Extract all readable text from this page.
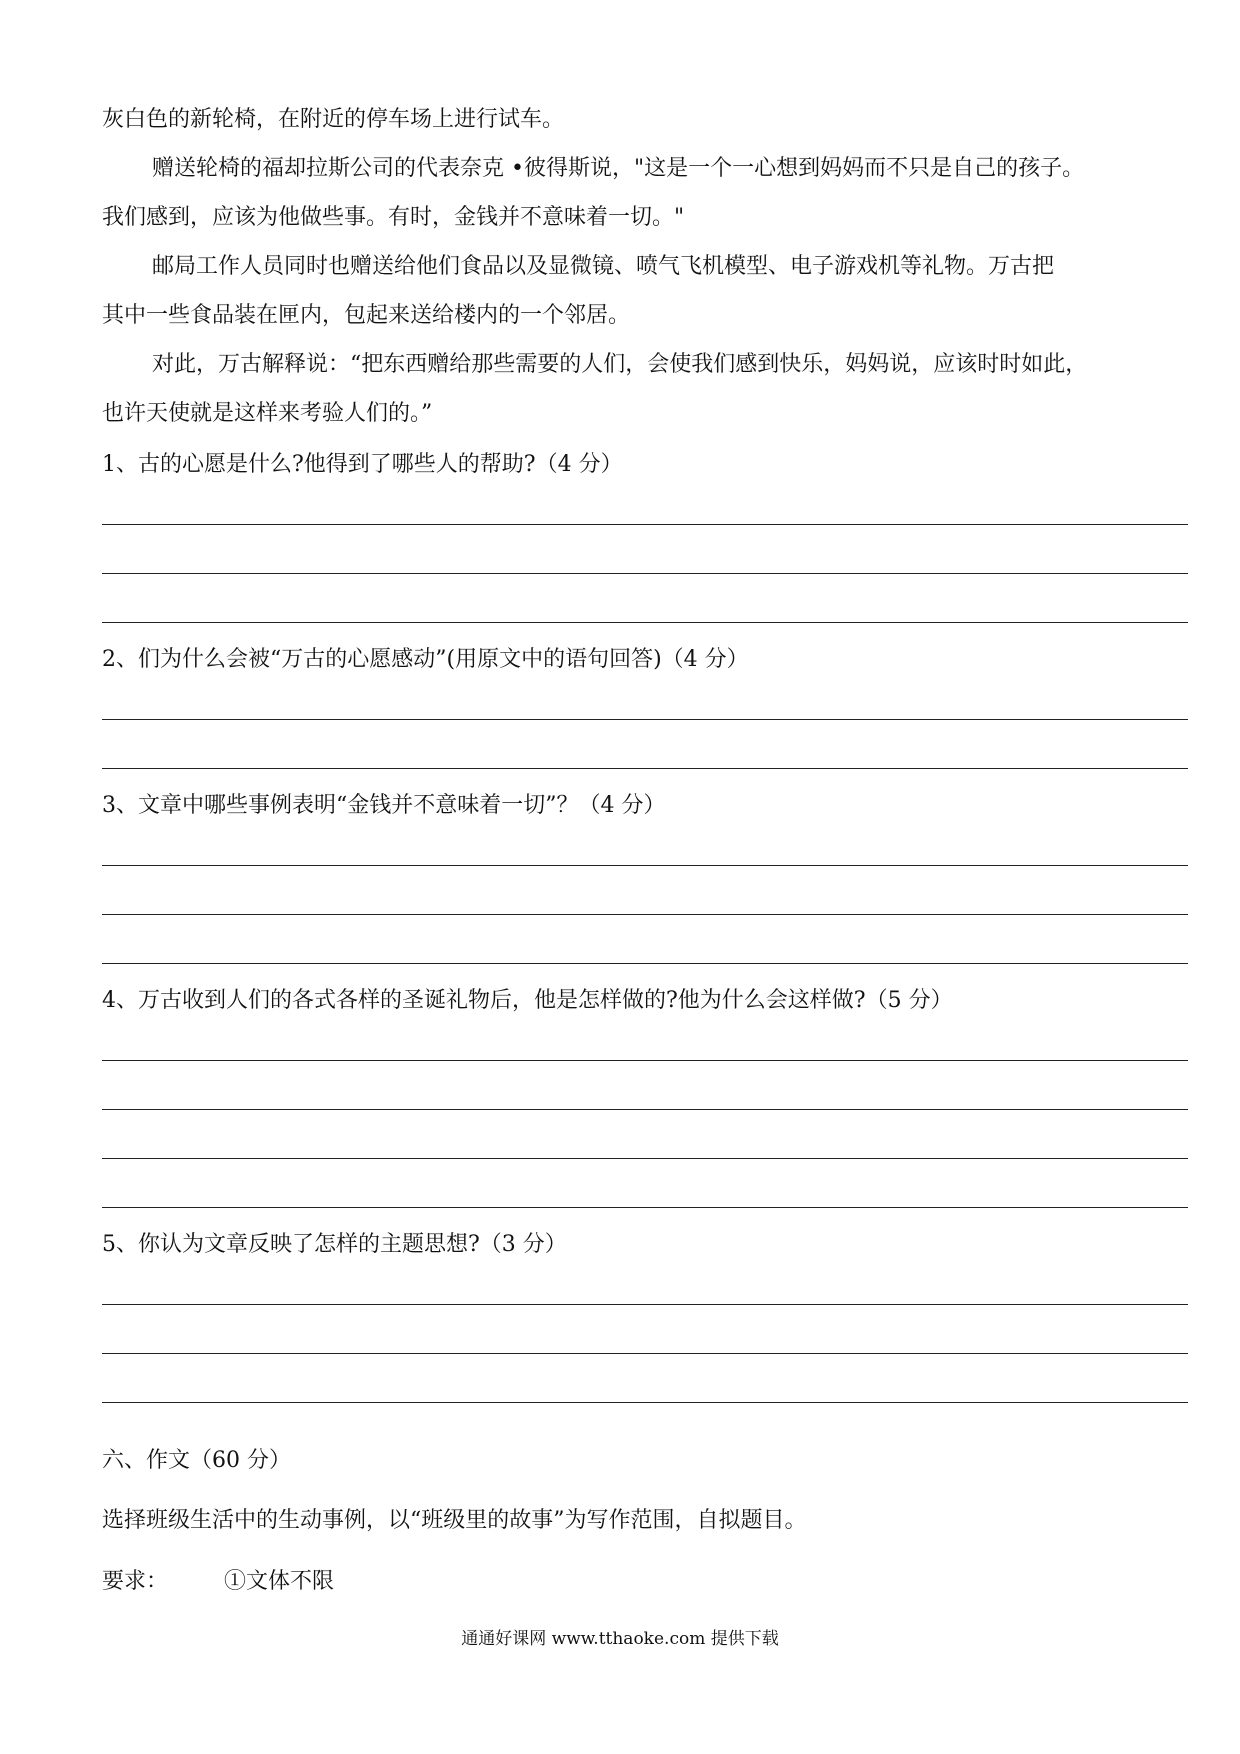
灰白色的新轮椅，在附近的停车场上进行试车。
赠送轮椅的福却拉斯公司的代表奈克 •彼得斯说，"这是一个一心想到妈妈而不只是自己的孩子。
我们感到，应该为他做些事。有时，金钱并不意味着一切。"
邮局工作人员同时也赠送给他们食品以及显微镜、喷气飞机模型、电子游戏机等礼物。万古把
其中一些食品装在匣内，包起来送给楼内的一个邻居。
对此，万古解释说：“把东西赠给那些需要的人们，会使我们感到快乐，妈妈说，应该时时如此，
也许天使就是这样来考验人们的。”
1、古的心愿是什么?他得到了哪些人的帮助?（4 分）
2、们为什么会被“万古的心愿感动”(用原文中的语句回答)（4 分）
3、文章中哪些事例表明“金钱并不意味着一切”？（4 分）
4、万古收到人们的各式各样的圣诞礼物后，他是怎样做的?他为什么会这样做?（5 分）
5、你认为文章反映了怎样的主题思想?（3 分）
六、作文（60 分）
选择班级生活中的生动事例，以“班级里的故事”为写作范围，自拟题目。
要求：	①文体不限
通通好课网 www.tthaoke.com 提供下载
